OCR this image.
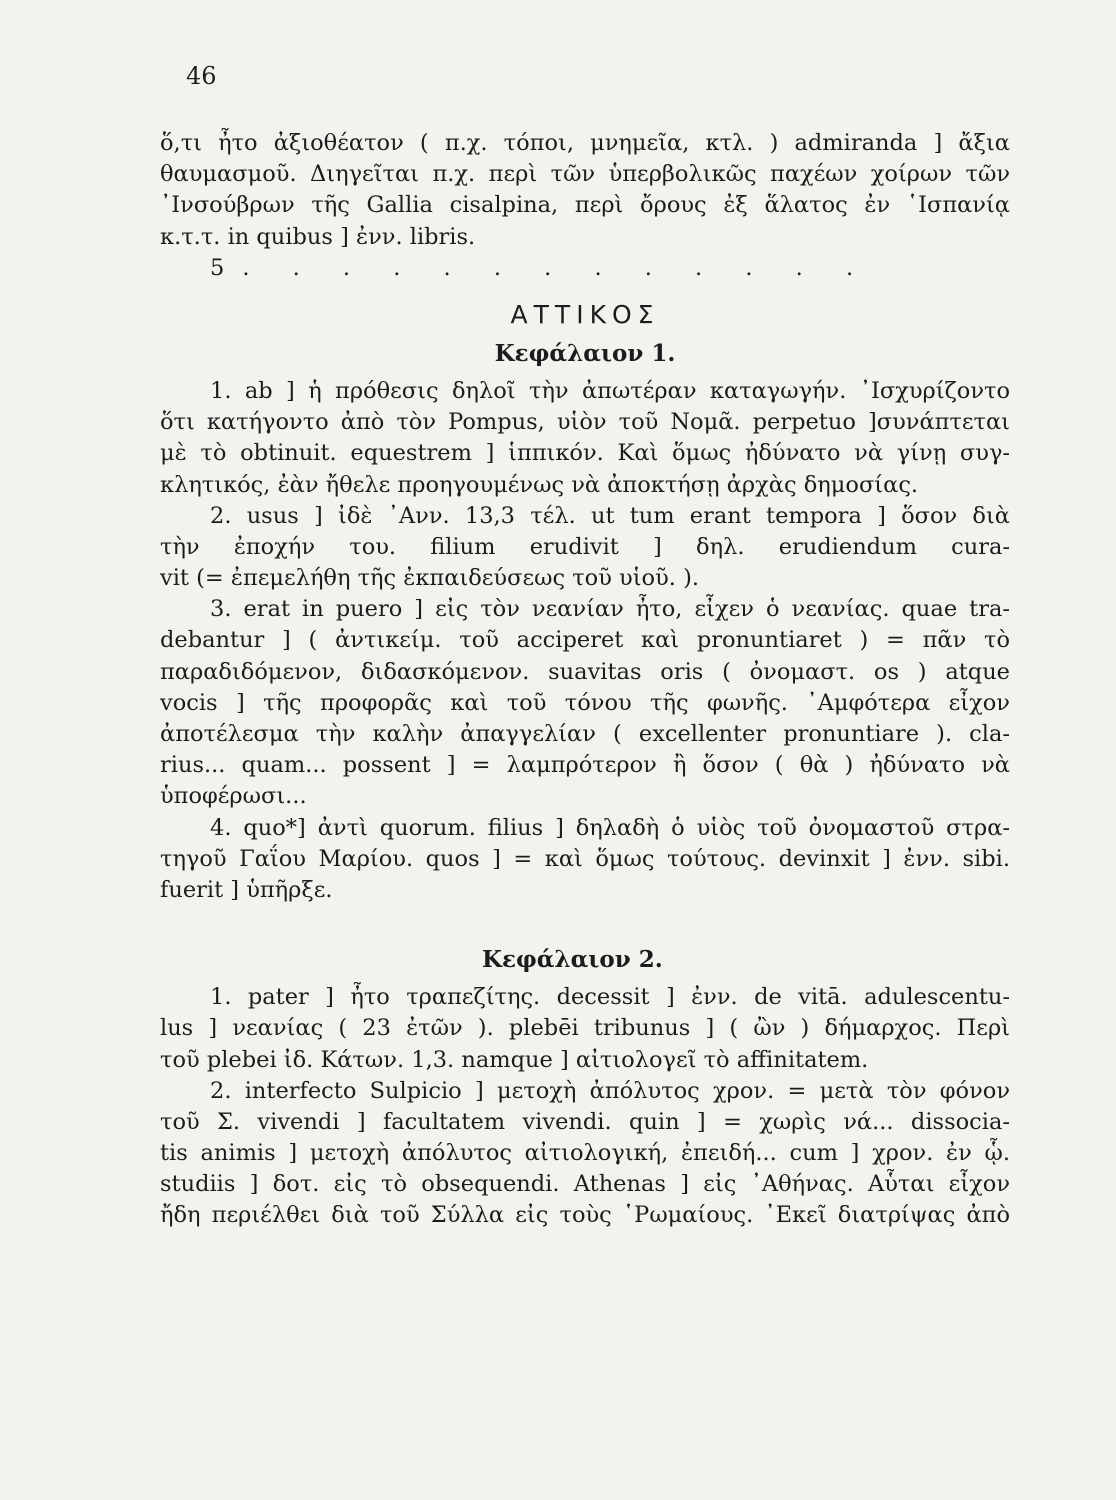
46
ὅ,τι ἦτο ἀξιοθέατον ( π.χ. τόποι, μνημεῖα, κτλ. ) admiranda ] ἄξια
θαυμασμοῦ. Διηγεῖται π.χ. περὶ τῶν ὑπερβολικῶς παχέων χοίρων τῶν
᾿Ινσούβρων τῆς Gallia cisalpina, περὶ ὄρους ἐξ ἅλατος ἐν ῾Ισπανίᾳ
κ.τ.τ. in quibus ] ἐνν. libris.
5. . . . . . . . . . . . .
ΑΤΤΙΚΟΣ
Κεφάλαιον 1.
1. ab ] ἡ πρόθεσις δηλοῖ τὴν ἀπωτέραν καταγωγήν. ᾿Ισχυρίζοντο
ὅτι κατήγοντο ἀπὸ τὸν Pompus, υἱὸν τοῦ Νομᾶ. perpetuo ]συνάπτεται
μὲ τὸ obtinuit. equestrem ] ἱππικόν. Καὶ ὅμως ἠδύνατο νὰ γίνῃ συγ-
κλητικός, ἐὰν ἤθελε προηγουμένως νὰ ἀποκτήσῃ ἀρχὰς δημοσίας.
2. usus ] ἰδὲ ᾿Ανν. 13,3 τέλ. ut tum erant tempora ] ὅσον διὰ
τὴν ἐποχήν του. filium erudivit ] δηλ. erudiendum cura-
vit (= ἐπεμελήθη τῆς ἐκπαιδεύσεως τοῦ υἱοῦ. ).
3. erat in puero ] εἰς τὸν νεανίαν ἦτο, εἶχεν ὁ νεανίας. quae tra-
debantur ] ( ἀντικείμ. τοῦ acciperet καὶ pronuntiaret ) = πᾶν τὸ
παραδιδόμενον, διδασκόμενον. suavitas oris ( ὀνομαστ. os ) atque
vocis ] τῆς προφορᾶς καὶ τοῦ τόνου τῆς φωνῆς. ᾿Αμφότερα εἶχον
ἀποτέλεσμα τὴν καλὴν ἀπαγγελίαν ( excellenter pronuntiare ). cla-
rius... quam... possent ] = λαμπρότερον ἢ ὅσον ( θὰ ) ἠδύνατο νὰ
ὑποφέρωσι...
4. quo*] ἀντὶ quorum. filius ] δηλαδὴ ὁ υἱὸς τοῦ ὀνομαστοῦ στρα-
τηγοῦ Γαΐου Μαρίου. quos ] = καὶ ὅμως τούτους. devinxit ] ἐνν. sibi.
fuerit ] ὑπῆρξε.
Κεφάλαιον 2.
1. pater ] ἦτο τραπεζίτης. decessit ] ἐνν. de vitā. adulescentu-
lus ] νεανίας ( 23 ἐτῶν ). plebēi tribunus ] ( ὢν ) δήμαρχος. Περὶ
τοῦ plebei ἰδ. Κάτων. 1,3. namque ] αἰτιολογεῖ τὸ affinitatem.
2. interfecto Sulpicio ] μετοχὴ ἀπόλυτος χρον. = μετὰ τὸν φόνον
τοῦ Σ. vivendi ] facultatem vivendi. quin ] = χωρὶς νά... dissocia-
tis animis ] μετοχὴ ἀπόλυτος αἰτιολογική, ἐπειδή... cum ] χρον. ἐν ᾧ.
studiis ] δοτ. εἰς τὸ obsequendi. Athenas ] εἰς ᾿Αθήνας. Αὗται εἶχον
ἤδη περιέλθει διὰ τοῦ Σύλλα εἰς τοὺς ῾Ρωμαίους. ᾿Εκεῖ διατρίψας ἀπὸ
